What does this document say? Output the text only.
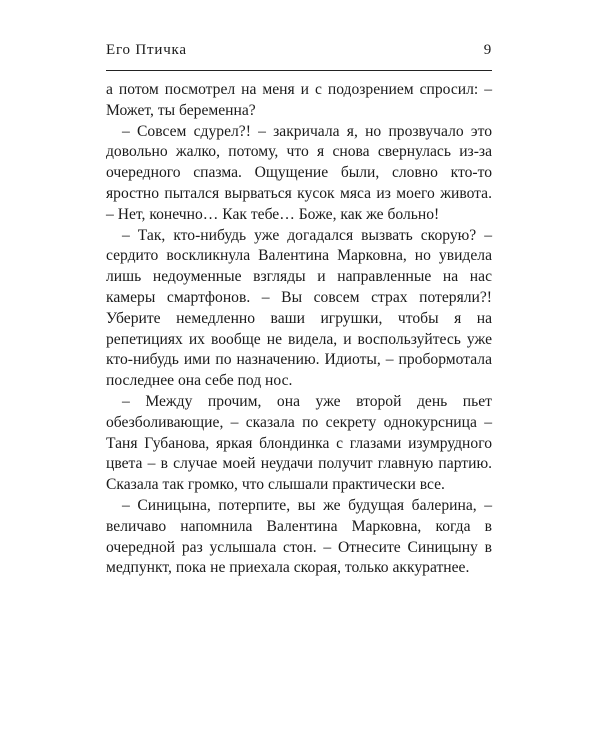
Его Птичка	9

а потом посмотрел на меня и с подозрением спросил: – Может, ты беременна?

– Совсем сдурел?! – закричала я, но прозвучало это довольно жалко, потому, что я снова свернулась из-за очередного спазма. Ощущение были, словно кто-то яростно пытался вырваться кусок мяса из моего живота. – Нет, конечно… Как тебе… Боже, как же больно!

– Так, кто-нибудь уже догадался вызвать скорую? – сердито воскликнула Валентина Марковна, но увидела лишь недоуменные взгляды и направленные на нас камеры смартфонов. – Вы совсем страх потеряли?! Уберите немедленно ваши игрушки, чтобы я на репетициях их вообще не видела, и воспользуйтесь уже кто-нибудь ими по назначению. Идиоты, – пробормотала последнее она себе под нос.

– Между прочим, она уже второй день пьет обезболивающие, – сказала по секрету однокурсница – Таня Губанова, яркая блондинка с глазами изумрудного цвета – в случае моей неудачи получит главную партию. Сказала так громко, что слышали практически все.

– Синицына, потерпите, вы же будущая балерина, – величаво напомнила Валентина Марковна, когда в очередной раз услышала стон. – Отнесите Синицыну в медпункт, пока не приехала скорая, только аккуратнее.
